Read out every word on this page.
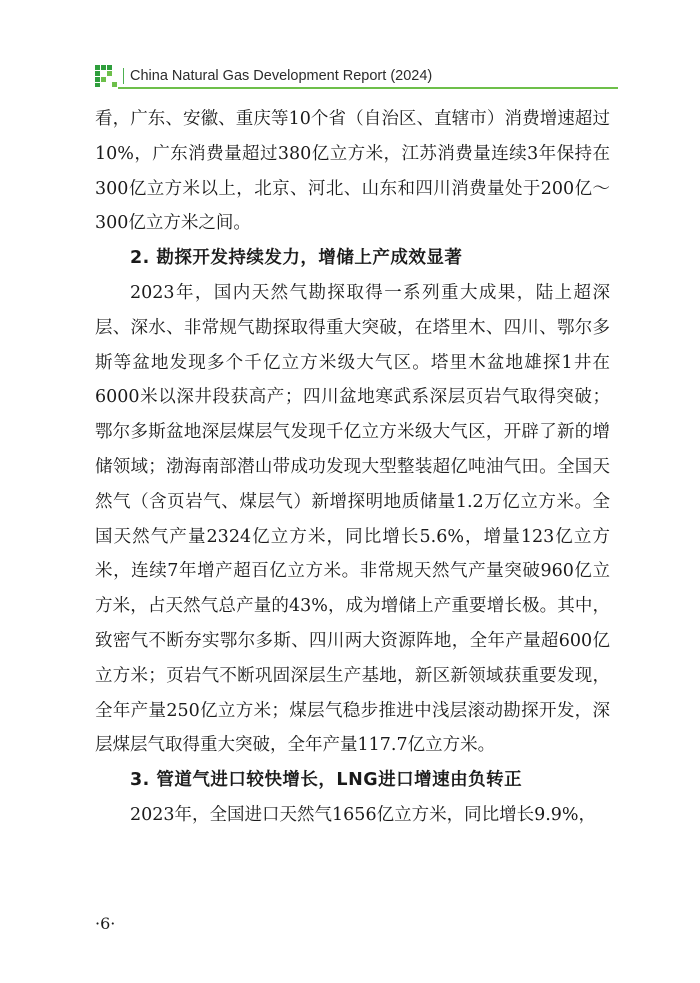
China Natural Gas Development Report (2024)

看，广东、安徽、重庆等10个省（自治区、直辖市）消费增速超过10%，广东消费量超过380亿立方米，江苏消费量连续3年保持在300亿立方米以上，北京、河北、山东和四川消费量处于200亿～300亿立方米之间。

2. 勘探开发持续发力，增储上产成效显著

2023年，国内天然气勘探取得一系列重大成果，陆上超深层、深水、非常规气勘探取得重大突破，在塔里木、四川、鄂尔多斯等盆地发现多个千亿立方米级大气区。塔里木盆地雄探1井在6000米以深井段获高产；四川盆地寒武系深层页岩气取得突破；鄂尔多斯盆地深层煤层气发现千亿立方米级大气区，开辟了新的增储领域；渤海南部潜山带成功发现大型整装超亿吨油气田。全国天然气（含页岩气、煤层气）新增探明地质储量1.2万亿立方米。全国天然气产量2324亿立方米，同比增长5.6%，增量123亿立方米，连续7年增产超百亿立方米。非常规天然气产量突破960亿立方米，占天然气总产量的43%，成为增储上产重要增长极。其中，致密气不断夯实鄂尔多斯、四川两大资源阵地，全年产量超600亿立方米；页岩气不断巩固深层生产基地，新区新领域获重要发现，全年产量250亿立方米；煤层气稳步推进中浅层滚动勘探开发，深层煤层气取得重大突破，全年产量117.7亿立方米。

3. 管道气进口较快增长，LNG进口增速由负转正

2023年，全国进口天然气1656亿立方米，同比增长9.9%，

·6·
